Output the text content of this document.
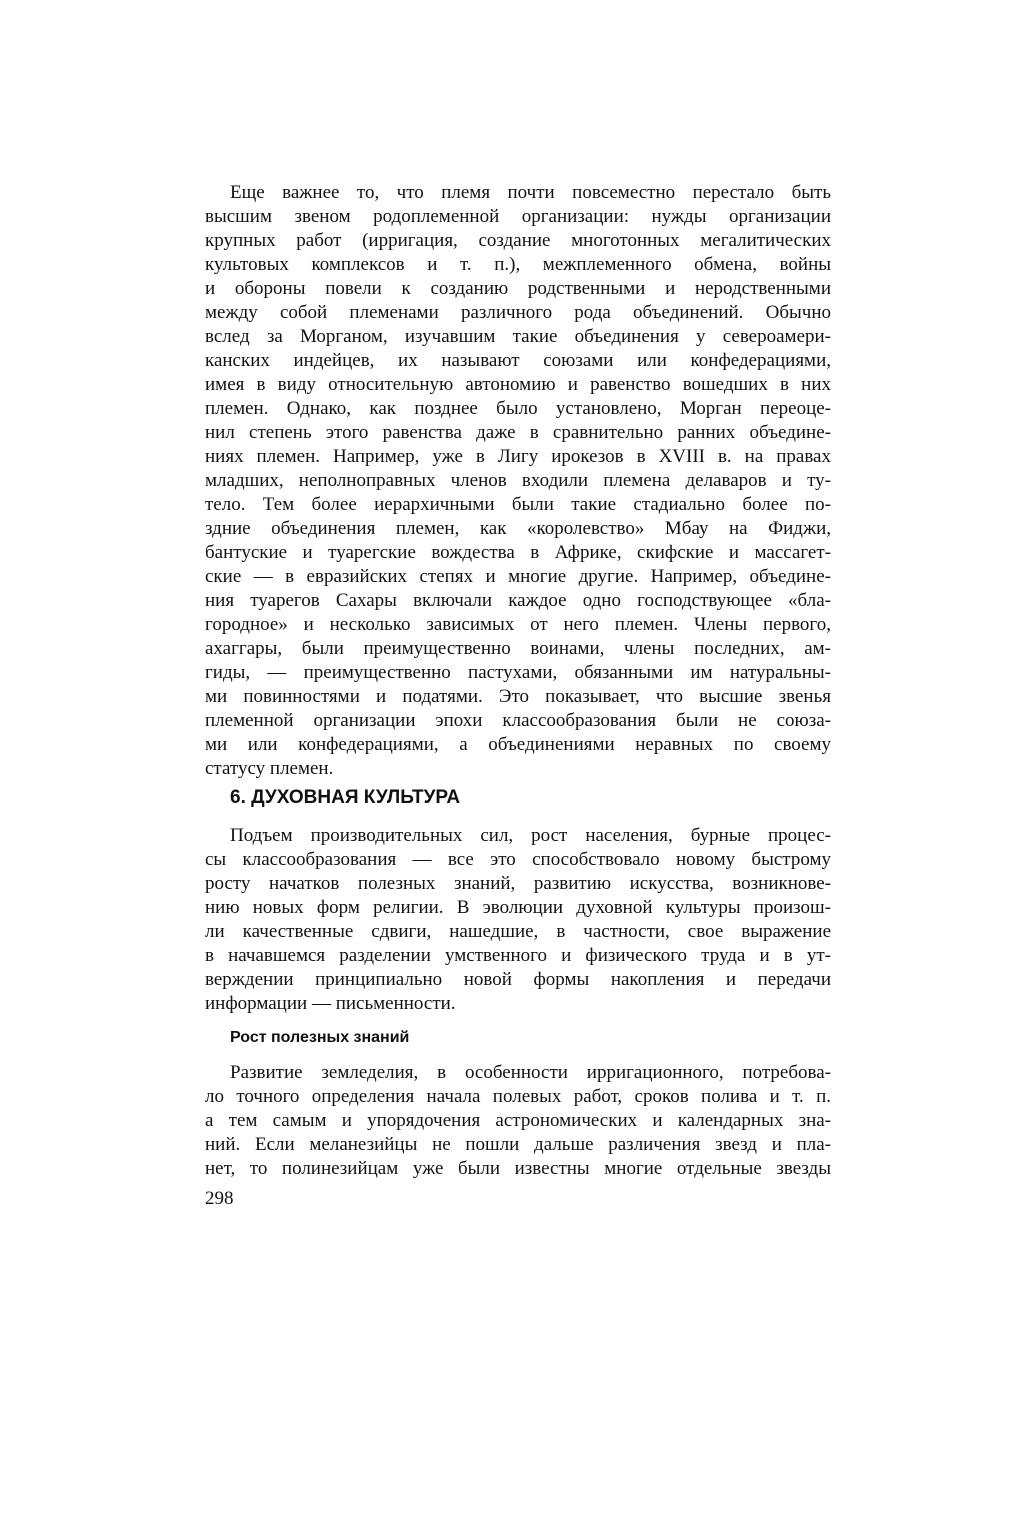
Еще важнее то, что племя почти повсеместно перестало быть
высшим звеном родоплеменной организации: нужды организации
крупных работ (ирригация, создание многотонных мегалитических
культовых комплексов и т. п.), межплеменного обмена, войны
и обороны повели к созданию родственными и неродственными
между собой племенами различного рода объединений. Обычно
вслед за Морганом, изучавшим такие объединения у североамери-
канских индейцев, их называют союзами или конфедерациями,
имея в виду относительную автономию и равенство вошедших в них
племен. Однако, как позднее было установлено, Морган переоце-
нил степень этого равенства даже в сравнительно ранних объедине-
ниях племен. Например, уже в Лигу ирокезов в XVIII в. на правах
младших, неполноправных членов входили племена делаваров и ту-
тело. Тем более иерархичными были такие стадиально более по-
здние объединения племен, как «королевство» Мбау на Фиджи,
бантуские и туарегские вождества в Африке, скифские и массагет-
ские — в евразийских степях и многие другие. Например, объедине-
ния туарегов Сахары включали каждое одно господствующее «бла-
городное» и несколько зависимых от него племен. Члены первого,
ахаггары, были преимущественно воинами, члены последних, ам-
гиды, — преимущественно пастухами, обязанными им натуральны-
ми повинностями и податями. Это показывает, что высшие звенья
племенной организации эпохи классообразования были не союза-
ми или конфедерациями, а объединениями неравных по своему
статусу племен.
6. ДУХОВНАЯ КУЛЬТУРА
Подъем производительных сил, рост населения, бурные процес-
сы классообразования — все это способствовало новому быстрому
росту начатков полезных знаний, развитию искусства, возникнове-
нию новых форм религии. В эволюции духовной культуры произош-
ли качественные сдвиги, нашедшие, в частности, свое выражение
в начавшемся разделении умственного и физического труда и в ут-
верждении принципиально новой формы накопления и передачи
информации — письменности.
Рост полезных знаний
Развитие земледелия, в особенности ирригационного, потребова-
ло точного определения начала полевых работ, сроков полива и т. п.
а тем самым и упорядочения астрономических и календарных зна-
ний. Если меланезийцы не пошли дальше различения звезд и пла-
нет, то полинезийцам уже были известны многие отдельные звезды
298
